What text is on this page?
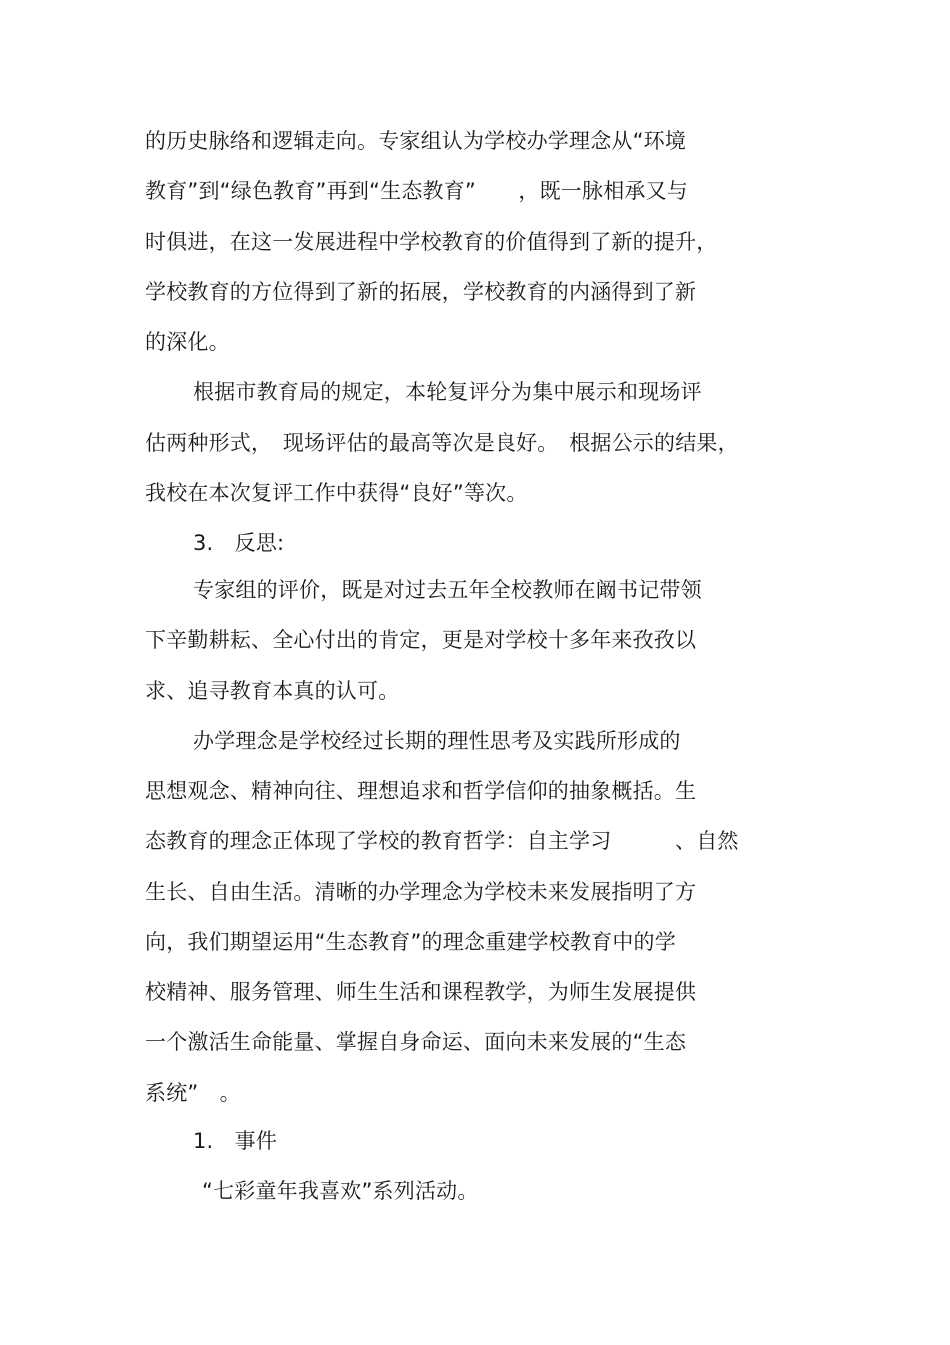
的历史脉络和逻辑走向。专家组认为学校办学理念从“环境
教育”到“绿色教育”再到“生态教育”　　，既一脉相承又与
时俱进，在这一发展进程中学校教育的价值得到了新的提升，
学校教育的方位得到了新的拓展，学校教育的内涵得到了新
的深化。
根据市教育局的规定，本轮复评分为集中展示和现场评
估两种形式，　现场评估的最高等次是良好。　根据公示的结果，
我校在本次复评工作中获得“良好”等次。
3.　反思:
专家组的评价，既是对过去五年全校教师在阚书记带领
下辛勤耕耘、全心付出的肯定，更是对学校十多年来孜孜以
求、追寻教育本真的认可。
办学理念是学校经过长期的理性思考及实践所形成的
思想观念、精神向往、理想追求和哲学信仰的抽象概括。生
态教育的理念正体现了学校的教育哲学：自主学习　　　、自然
生长、自由生活。清晰的办学理念为学校未来发展指明了方
向，我们期望运用“生态教育”的理念重建学校教育中的学
校精神、服务管理、师生生活和课程教学，为师生发展提供
一个激活生命能量、掌握自身命运、面向未来发展的“生态
系统”　。
1.　事件
“七彩童年我喜欢”系列活动。
